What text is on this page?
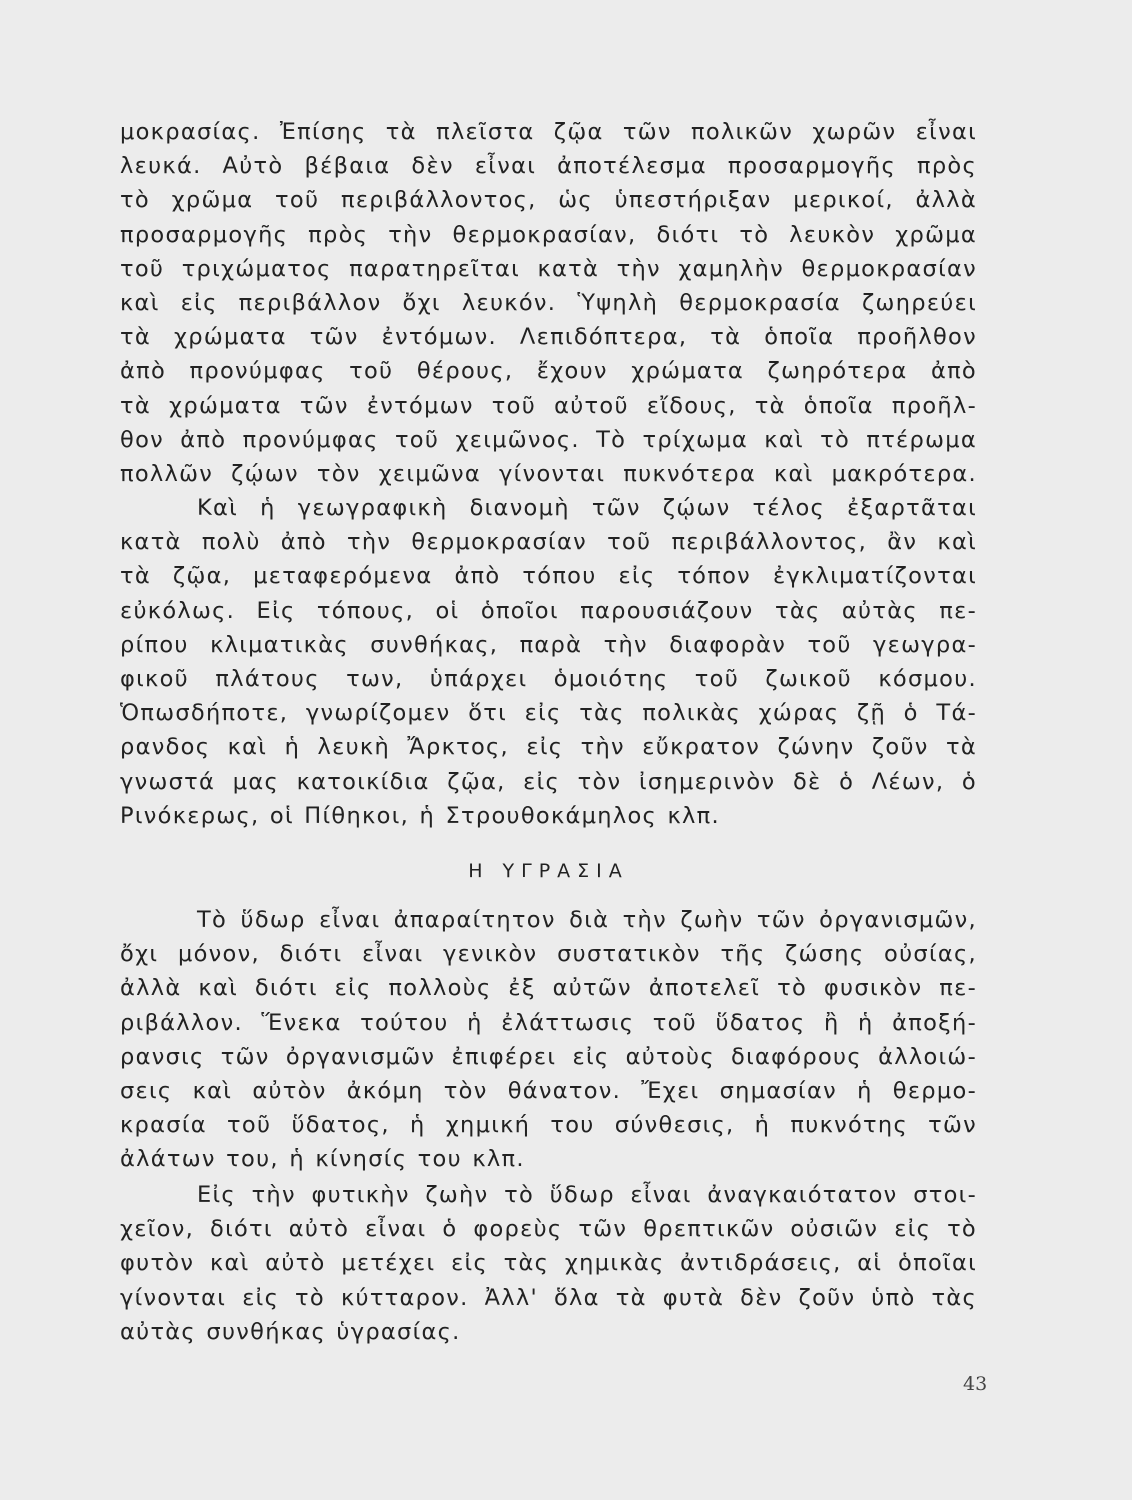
μοκρασίας. Ἐπίσης τὰ πλεῖστα ζῷα τῶν πολικῶν χωρῶν εἶναι
λευκά. Αὐτὸ βέβαια δὲν εἶναι ἀποτέλεσμα προσαρμογῆς πρὸς
τὸ χρῶμα τοῦ περιβάλλοντος, ὡς ὑπεστήριξαν μερικοί, ἀλλὰ
προσαρμογῆς πρὸς τὴν θερμοκρασίαν, διότι τὸ λευκὸν χρῶμα
τοῦ τριχώματος παρατηρεῖται κατὰ τὴν χαμηλὴν θερμοκρασίαν
καὶ εἰς περιβάλλον ὄχι λευκόν. Ὑψηλὴ θερμοκρασία ζωηρεύει
τὰ χρώματα τῶν ἐντόμων. Λεπιδόπτερα, τὰ ὁποῖα προῆλθον
ἀπὸ προνύμφας τοῦ θέρους, ἔχουν χρώματα ζωηρότερα ἀπὸ
τὰ χρώματα τῶν ἐντόμων τοῦ αὐτοῦ εἴδους, τὰ ὁποῖα προῆλ-
θον ἀπὸ προνύμφας τοῦ χειμῶνος. Τὸ τρίχωμα καὶ τὸ πτέρωμα
πολλῶν ζῴων τὸν χειμῶνα γίνονται πυκνότερα καὶ μακρότερα.
Καὶ ἡ γεωγραφικὴ διανομὴ τῶν ζῴων τέλος ἐξαρτᾶται
κατὰ πολὺ ἀπὸ τὴν θερμοκρασίαν τοῦ περιβάλλοντος, ἂν καὶ
τὰ ζῷα, μεταφερόμενα ἀπὸ τόπου εἰς τόπον ἐγκλιματίζονται
εὐκόλως. Εἰς τόπους, οἱ ὁποῖοι παρουσιάζουν τὰς αὐτὰς πε-
ρίπου κλιματικὰς συνθήκας, παρὰ τὴν διαφορὰν τοῦ γεωγρα-
φικοῦ πλάτους των, ὑπάρχει ὁμοιότης τοῦ ζωικοῦ κόσμου.
Ὁπωσδήποτε, γνωρίζομεν ὅτι εἰς τὰς πολικὰς χώρας ζῇ ὁ Τά-
ρανδος καὶ ἡ λευκὴ Ἄρκτος, εἰς τὴν εὔκρατον ζώνην ζοῦν τὰ
γνωστά μας κατοικίδια ζῷα, εἰς τὸν ἰσημερινὸν δὲ ὁ Λέων, ὁ
Ρινόκερως, οἱ Πίθηκοι, ἡ Στρουθοκάμηλος κλπ.
Η ΥΓΡΑΣΙΑ
Τὸ ὕδωρ εἶναι ἀπαραίτητον διὰ τὴν ζωὴν τῶν ὀργανισμῶν,
ὄχι μόνον, διότι εἶναι γενικὸν συστατικὸν τῆς ζώσης οὐσίας,
ἀλλὰ καὶ διότι εἰς πολλοὺς ἐξ αὐτῶν ἀποτελεῖ τὸ φυσικὸν πε-
ριβάλλον. Ἕνεκα τούτου ἡ ἐλάττωσις τοῦ ὕδατος ἢ ἡ ἀποξή-
ρανσις τῶν ὀργανισμῶν ἐπιφέρει εἰς αὐτοὺς διαφόρους ἀλλοιώ-
σεις καὶ αὐτὸν ἀκόμη τὸν θάνατον. Ἔχει σημασίαν ἡ θερμο-
κρασία τοῦ ὕδατος, ἡ χημική του σύνθεσις, ἡ πυκνότης τῶν
ἀλάτων του, ἡ κίνησίς του κλπ.
Εἰς τὴν φυτικὴν ζωὴν τὸ ὕδωρ εἶναι ἀναγκαιότατον στοι-
χεῖον, διότι αὐτὸ εἶναι ὁ φορεὺς τῶν θρεπτικῶν οὐσιῶν εἰς τὸ
φυτὸν καὶ αὐτὸ μετέχει εἰς τὰς χημικὰς ἀντιδράσεις, αἱ ὁποῖαι
γίνονται εἰς τὸ κύτταρον. Ἀλλ' ὅλα τὰ φυτὰ δὲν ζοῦν ὑπὸ τὰς
αὐτὰς συνθήκας ὑγρασίας.
43
